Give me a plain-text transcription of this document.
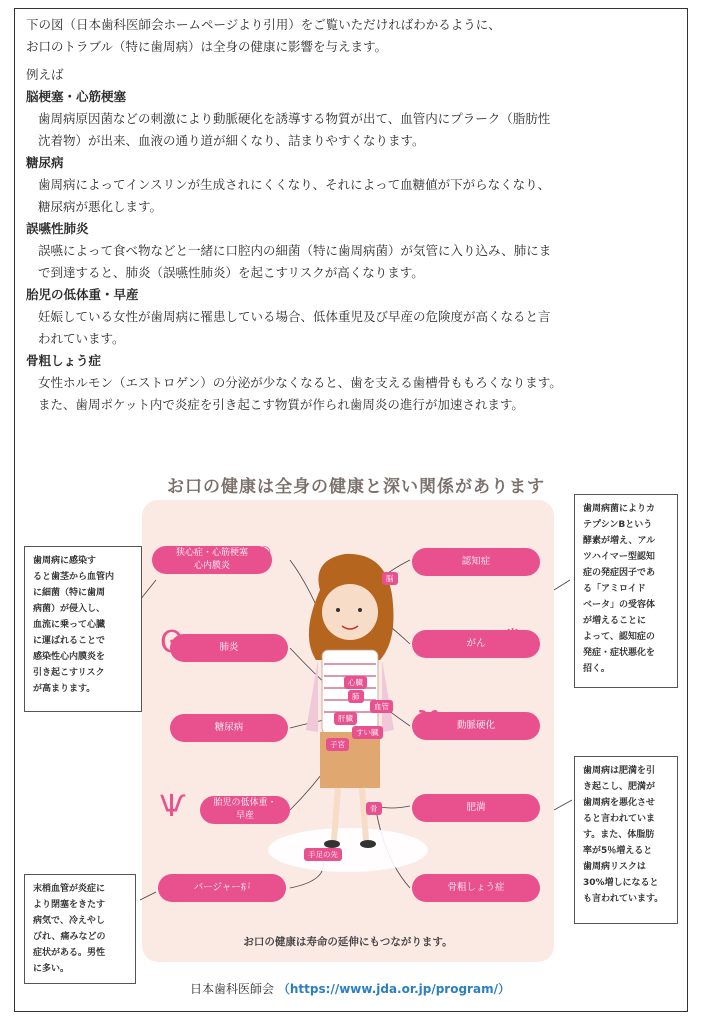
下の図（日本歯科医師会ホームページより引用）をご覧いただければわかるように、

お口のトラブル（特に歯周病）は全身の健康に影響を与えます。

例えば

脳梗塞・心筋梗塞

歯周病原因菌などの刺激により動脈硬化を誘導する物質が出て、血管内にプラーク（脂肪性

沈着物）が出来、血液の通り道が細くなり、詰まりやすくなります。

糖尿病

歯周病によってインスリンが生成されにくくなり、それによって血糖値が下がらなくなり、

糖尿病が悪化します。

誤嚥性肺炎

誤嚥によって食べ物などと一緒に口腔内の細菌（特に歯周病菌）が気管に入り込み、肺にま

で到達すると、肺炎（誤嚥性肺炎）を起こすリスクが高くなります。

胎児の低体重・早産

妊娠している女性が歯周病に罹患している場合、低体重児及び早産の危険度が高くなると言

われています。

骨粗しょう症

女性ホルモン（エストロゲン）の分泌が少なくなると、歯を支える歯槽骨ももろくなります。

また、歯周ポケット内で炎症を引き起こす物質が作られ歯周炎の進行が加速されます。

お口の健康は全身の健康と深い関係があります
狭心症・心筋梗塞
心内膜炎
肺炎
糖尿病
胎児の低体重・
早産
バージャー病
♡
ʘ
↗
Ѱ
∟
認知症
がん
動脈硬化
肥満
骨粗しょう症
☁
✺
ϒ
◗
⚯
脳
心臓
肺
血管
肝臓
すい臓
子宮
骨
手足の先
歯周病に感染す
ると歯茎から血管内
に細菌（特に歯周
病菌）が侵入し、
血流に乗って心臓
に運ばれることで
感染性心内膜炎を
引き起こすリスク
が高まります。
末梢血管が炎症に
より閉塞をきたす
病気で、冷えやし
びれ、痛みなどの
症状がある。男性
に多い。
歯周病菌によりカ
テプシンBという
酵素が増え、アル
ツハイマー型認知
症の発症因子であ
る「アミロイド
ベータ」の受容体
が増えることに
よって、認知症の
発症・症状悪化を
招く。
歯周病は肥満を引
き起こし、肥満が
歯周病を悪化させ
ると言われていま
す。また、体脂肪
率が5％増えると
歯周病リスクは
30%増しになると
も言われています。
お口の健康は寿命の延伸にもつながります。
日本歯科医師会 （https://www.jda.or.jp/program/）
